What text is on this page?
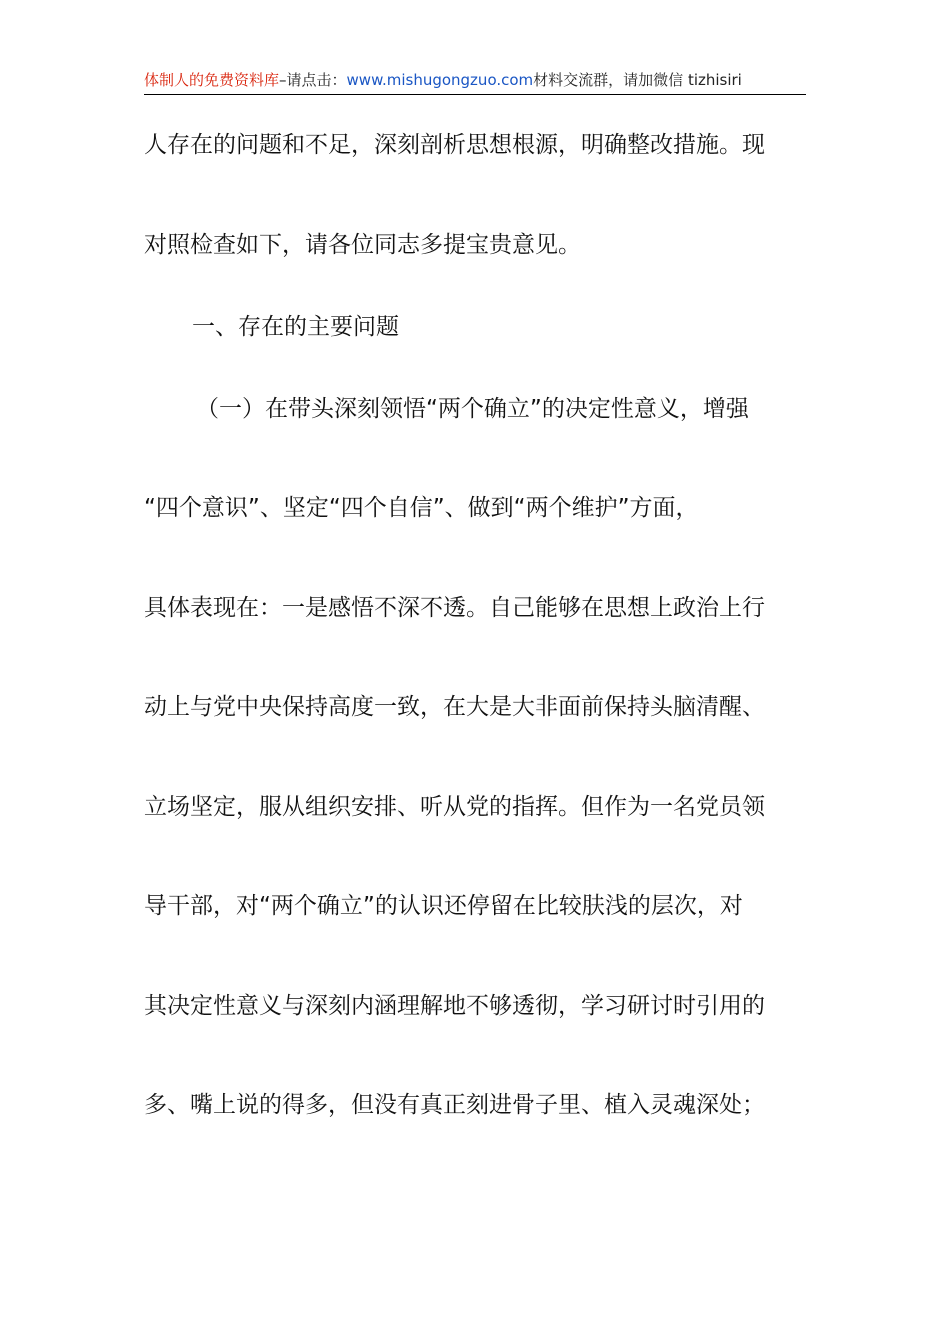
体制人的免费资料库–请点击：www.mishugongzuo.com材料交流群，请加微信 tizhisiri
人存在的问题和不足，深刻剖析思想根源，明确整改措施。现
对照检查如下，请各位同志多提宝贵意见。
一、存在的主要问题
（一）在带头深刻领悟“两个确立”的决定性意义，增强
“四个意识”、坚定“四个自信”、做到“两个维护”方面，
具体表现在：一是感悟不深不透。自己能够在思想上政治上行
动上与党中央保持高度一致，在大是大非面前保持头脑清醒、
立场坚定，服从组织安排、听从党的指挥。但作为一名党员领
导干部，对“两个确立”的认识还停留在比较肤浅的层次，对
其决定性意义与深刻内涵理解地不够透彻，学习研讨时引用的
多、嘴上说的得多，但没有真正刻进骨子里、植入灵魂深处；
